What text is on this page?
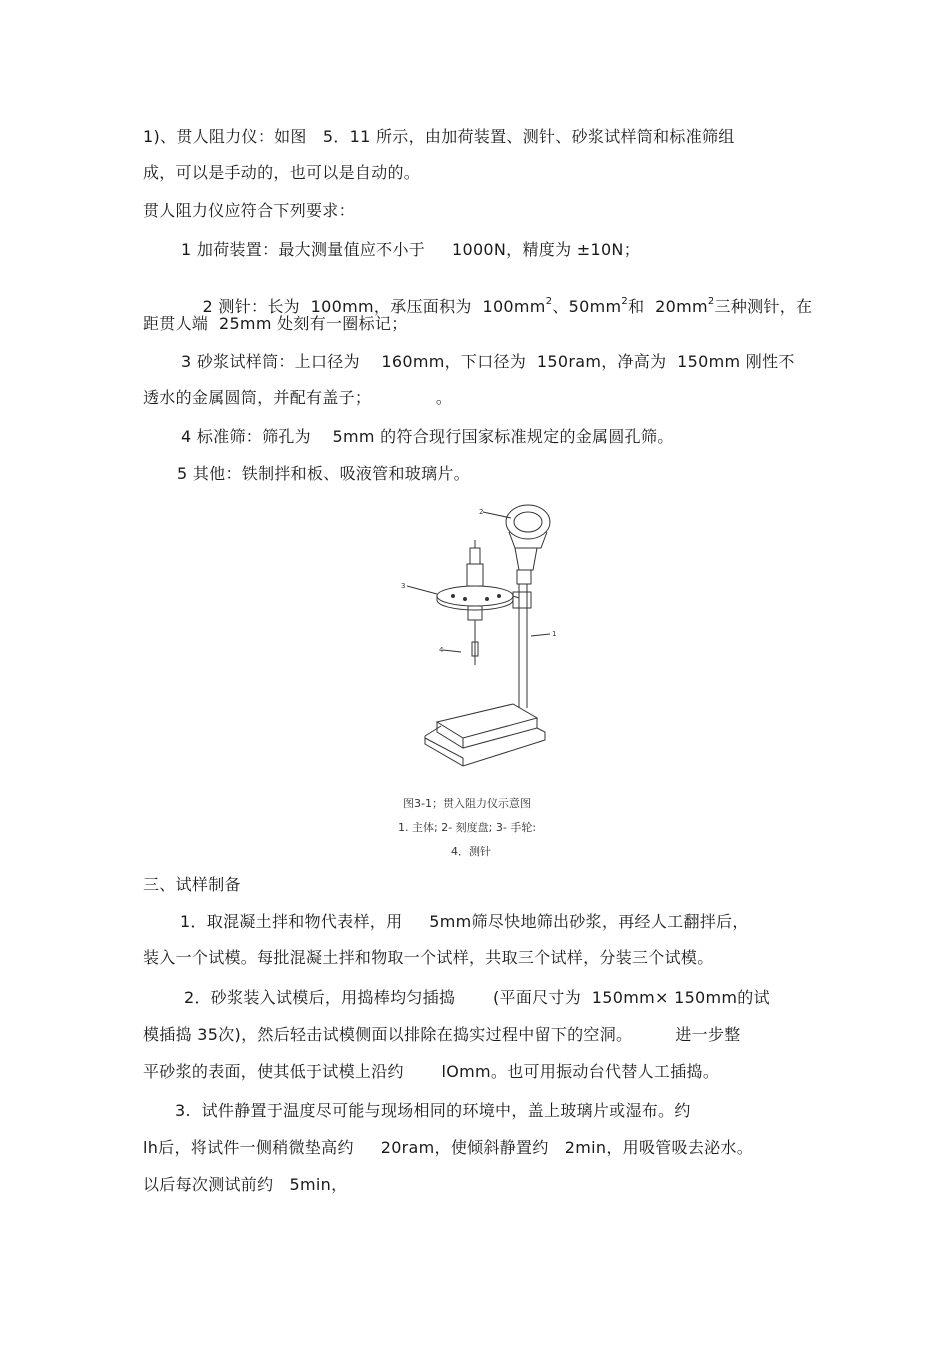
1)、贯人阻力仪：如图   5．11 所示，由加荷装置、测针、砂浆试样筒和标准筛组
成，可以是手动的，也可以是自动的。
贯人阻力仪应符合下列要求：
1 加荷装置：最大测量值应不小于     1000N，精度为 ±10N；

2 测针：长为  100mm，承压面积为  $100mm^2$、$50mm^2$和  $20mm^2$三种测针，在

距贯人端  25mm 处刻有一圈标记；
3 砂浆试样筒：上口径为    160mm，下口径为  150ram，净高为  150mm 刚性不
透水的金属圆筒，并配有盖子；            。
4 标准筛：筛孔为    5mm 的符合现行国家标准规定的金属圆孔筛。
5 其他：铁制拌和板、吸液管和玻璃片。
2
3
4
1
图3-1；贯入阻力仪示意图
1. 主体; 2- 刻度盘; 3- 手轮:
4．测针
三、试样制备
1．取混凝土拌和物代表样，用     5mm筛尽快地筛出砂浆，再经人工翻拌后，
装入一个试模。每批混凝土拌和物取一个试样，共取三个试样，分装三个试模。
2．砂浆装入试模后，用捣棒均匀插捣       (平面尺寸为  150mm× 150mm的试
模插捣 35次)，然后轻击试模侧面以排除在捣实过程中留下的空洞。        进一步整
平砂浆的表面，使其低于试模上沿约       lOmm。也可用振动台代替人工插捣。
3.  试件静置于温度尽可能与现场相同的环境中，盖上玻璃片或湿布。约
lh后，将试件一侧稍微垫高约     20ram，使倾斜静置约   2min，用吸管吸去泌水。
以后每次测试前约   5min，
